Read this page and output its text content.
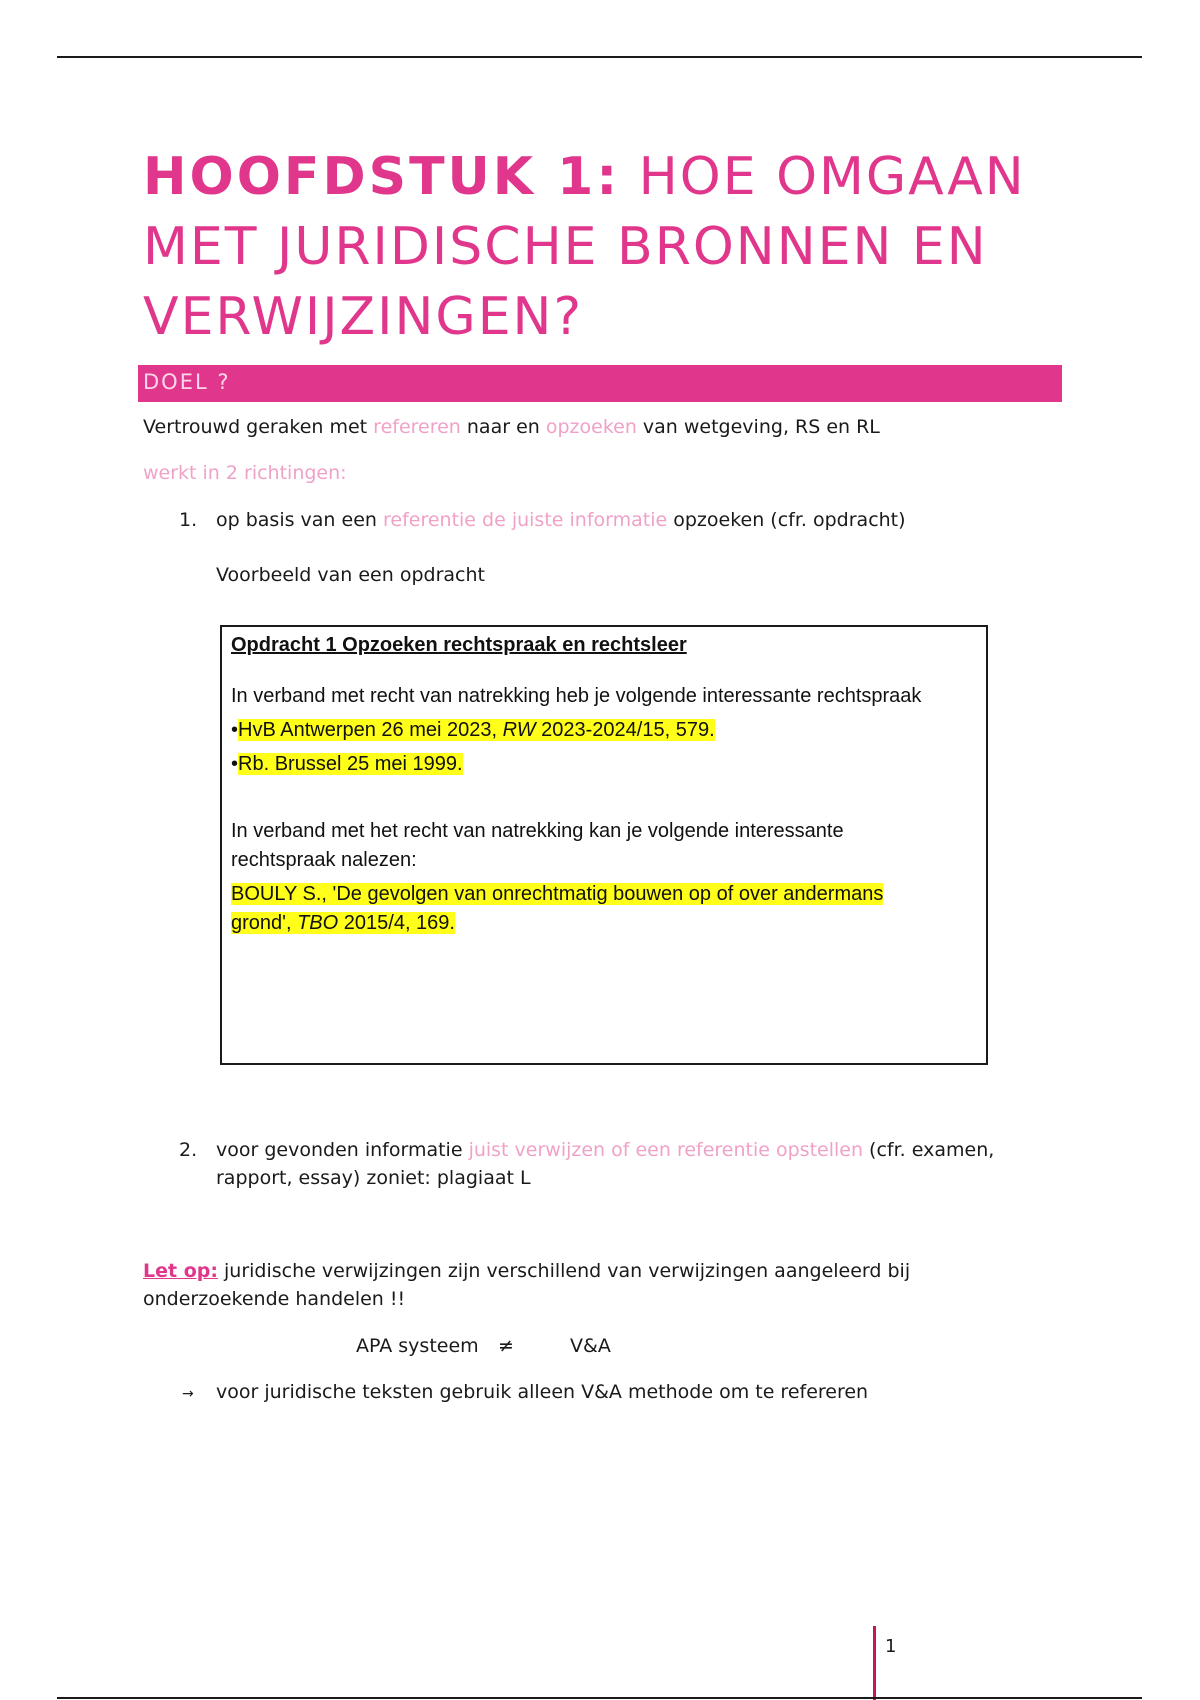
HOOFDSTUK 1: HOE OMGAAN
MET JURIDISCHE BRONNEN EN
VERWIJZINGEN?
DOEL ?
Vertrouwd geraken met refereren naar en opzoeken van wetgeving, RS en RL
werkt in 2 richtingen:
1. op basis van een referentie de juiste informatie opzoeken (cfr. opdracht)
Voorbeeld van een opdracht
Opdracht 1 Opzoeken rechtspraak en rechtsleer
In verband met recht van natrekking heb je volgende interessante rechtspraak
•HvB Antwerpen 26 mei 2023, RW 2023-2024/15, 579.
•Rb. Brussel 25 mei 1999.
In verband met het recht van natrekking kan je volgende interessante
rechtspraak nalezen:
BOULY S., 'De gevolgen van onrechtmatig bouwen op of over andermans
grond', TBO 2015/4, 169.
2. voor gevonden informatie juist verwijzen of een referentie opstellen (cfr. examen,
rapport, essay) zoniet: plagiaat L
Let op: juridische verwijzingen zijn verschillend van verwijzingen aangeleerd bij
onderzoekende handelen !!
APA systeem ≠	V&A
→ voor juridische teksten gebruik alleen V&A methode om te refereren
1
